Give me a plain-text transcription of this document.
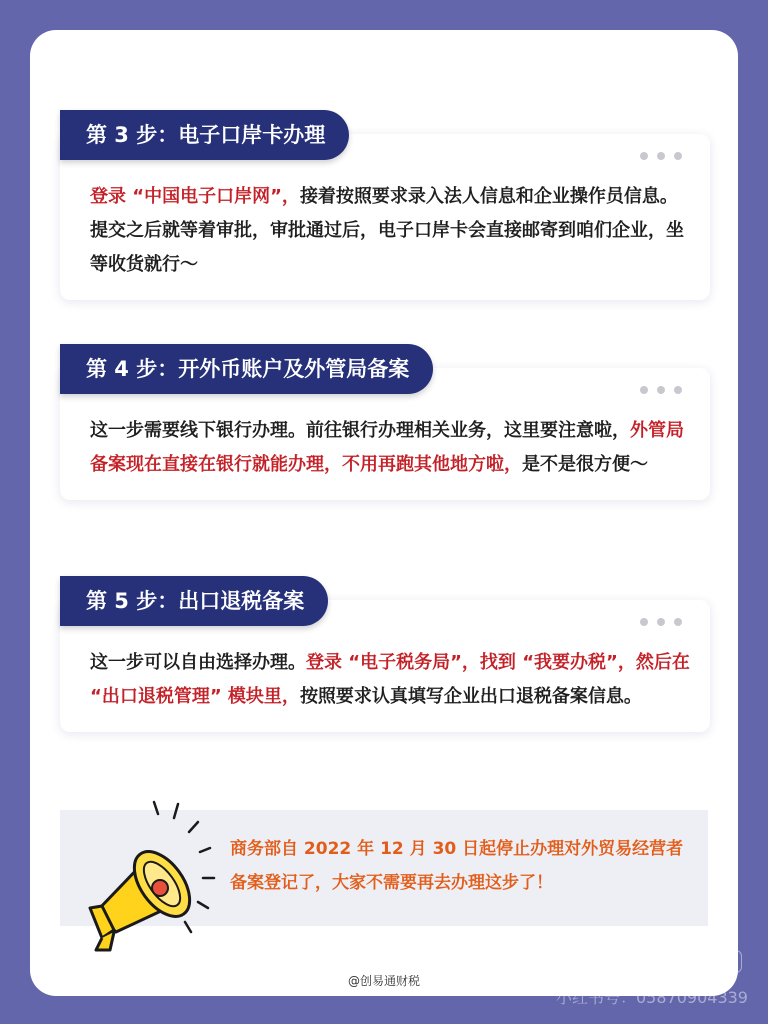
第 3 步：电子口岸卡办理
登录 “中国电子口岸网”，接着按照要求录入法人信息和企业操作员信息。提交之后就等着审批，审批通过后，电子口岸卡会直接邮寄到咱们企业，坐等收货就行～
第 4 步：开外币账户及外管局备案
这一步需要线下银行办理。前往银行办理相关业务，这里要注意啦，外管局备案现在直接在银行就能办理，不用再跑其他地方啦，是不是很方便～
第 5 步：出口退税备案
这一步可以自由选择办理。登录 “电子税务局”，找到 “我要办税”，然后在 “出口退税管理” 模块里，按照要求认真填写企业出口退税备案信息。
商务部自 2022 年 12 月 30 日起停止办理对外贸易经营者备案登记了，大家不需要再去办理这步了！
@创易通财税
小红书
小红书号：05870904339
